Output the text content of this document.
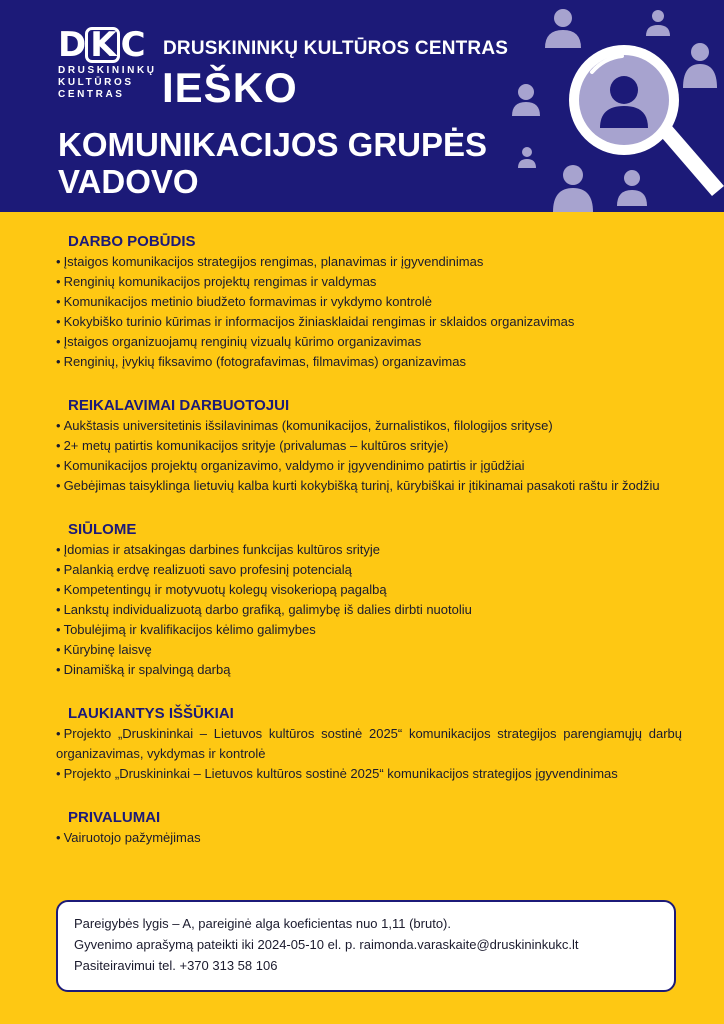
D K C
DRUSKININKŲ
KULTŪROS
CENTRAS
DRUSKININKŲ KULTŪROS CENTRAS
IEŠKO
KOMUNIKACIJOS GRUPĖS
VADOVO
DARBO POBŪDIS
• Įstaigos komunikacijos strategijos rengimas, planavimas ir įgyvendinimas
• Renginių komunikacijos projektų rengimas ir valdymas
• Komunikacijos metinio biudžeto formavimas ir vykdymo kontrolė
• Kokybiško turinio kūrimas ir informacijos žiniasklaidai rengimas ir sklaidos organizavimas
• Įstaigos organizuojamų renginių vizualų kūrimo organizavimas
• Renginių, įvykių fiksavimo (fotografavimas, filmavimas) organizavimas
REIKALAVIMAI DARBUOTOJUI
• Aukštasis universitetinis išsilavinimas (komunikacijos, žurnalistikos, filologijos srityse)
• 2+ metų patirtis komunikacijos srityje (privalumas – kultūros srityje)
• Komunikacijos projektų organizavimo, valdymo ir įgyvendinimo patirtis ir įgūdžiai
• Gebėjimas taisyklinga lietuvių kalba kurti kokybišką turinį, kūrybiškai ir įtikinamai pasakoti raštu ir žodžiu
SIŪLOME
• Įdomias ir atsakingas darbines funkcijas kultūros srityje
• Palankią erdvę realizuoti savo profesinį potencialą
• Kompetentingų ir motyvuotų kolegų visokeriopą pagalbą
• Lankstų individualizuotą darbo grafiką, galimybę iš dalies dirbti nuotoliu
• Tobulėjimą ir kvalifikacijos kėlimo galimybes
• Kūrybinę laisvę
• Dinamišką ir spalvingą darbą
LAUKIANTYS IŠŠŪKIAI
• Projekto „Druskininkai – Lietuvos kultūros sostinė 2025“ komunikacijos strategijos parengiamųjų darbų organizavimas, vykdymas ir kontrolė
• Projekto „Druskininkai – Lietuvos kultūros sostinė 2025“ komunikacijos strategijos įgyvendinimas
PRIVALUMAI
• Vairuotojo pažymėjimas
Pareigybės lygis – A, pareiginė alga koeficientas nuo 1,11 (bruto).
Gyvenimo aprašymą pateikti iki 2024-05-10 el. p. raimonda.varaskaite@druskininkukc.lt
Pasiteiravimui tel. +370 313 58 106
